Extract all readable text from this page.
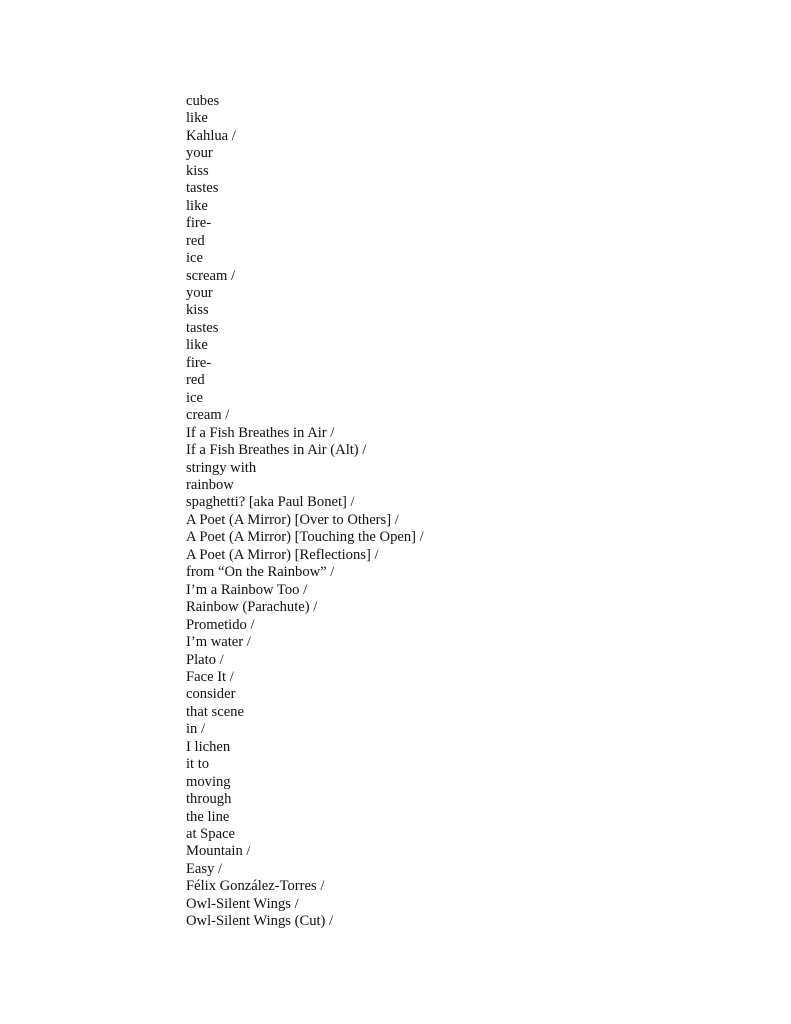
cubes
like
Kahlua /
your
kiss
tastes
like
fire-
red
ice
scream /
your
kiss
tastes
like
fire-
red
ice
cream /
If a Fish Breathes in Air /
If a Fish Breathes in Air (Alt) /
stringy with
rainbow
spaghetti? [aka Paul Bonet] /
A Poet (A Mirror) [Over to Others] /
A Poet (A Mirror) [Touching the Open] /
A Poet (A Mirror) [Reflections] /
from “On the Rainbow” /
I’m a Rainbow Too /
Rainbow (Parachute) /
Prometido /
I’m water /
Plato /
Face It /
consider
that scene
in /
I lichen
it to
moving
through
the line
at Space
Mountain /
Easy /
Félix González-Torres /
Owl-Silent Wings /
Owl-Silent Wings (Cut) /
